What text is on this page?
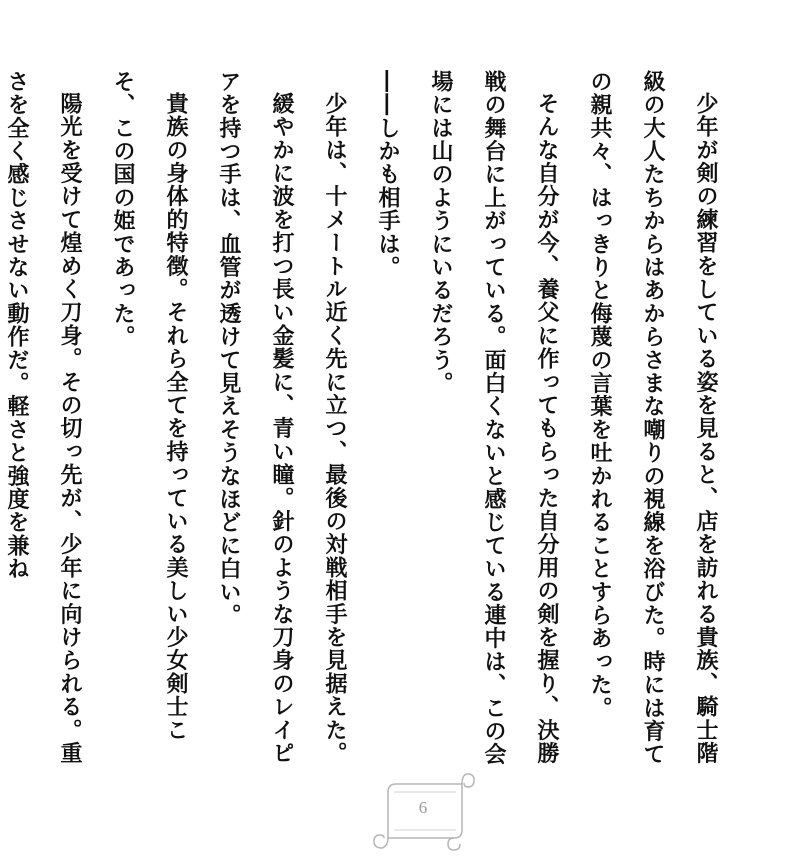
少年が剣の練習をしている姿を見ると、店を訪れる貴族、騎士階級の大人たちからはあからさまな嘲りの視線を浴びた。時には育ての親共々、はっきりと侮蔑の言葉を吐かれることすらあった。

そんな自分が今、養父に作ってもらった自分用の剣を握り、決勝戦の舞台に上がっている。面白くないと感じている連中は、この会場には山のようにいるだろう。

――しかも相手は。

少年は、十メートル近く先に立つ、最後の対戦相手を見据えた。

緩やかに波を打つ長い金髪に、青い瞳。針のような刀身のレイピアを持つ手は、血管が透けて見えそうなほどに白い。

貴族の身体的特徴。それら全てを持っている美しい少女剣士こそ、この国の姫であった。

陽光を受けて煌めく刀身。その切っ先が、少年に向けられる。重さを全く感じさせない動作だ。軽さと強度を兼ね

6
